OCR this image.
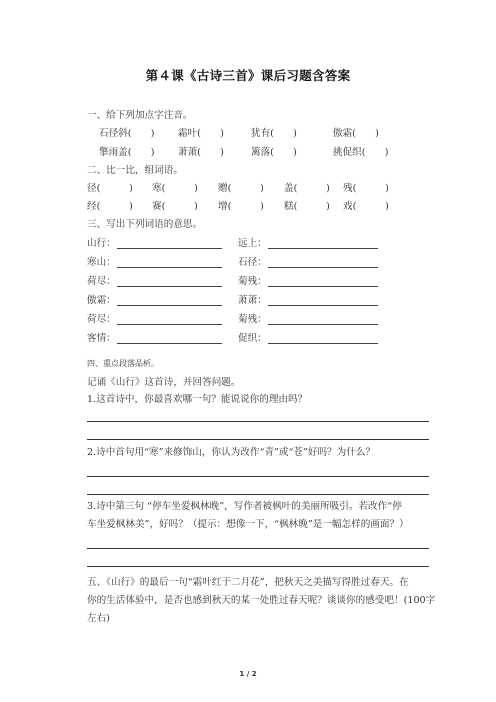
第４课《古诗三首》课后习题含答案
一、给下列加点字注音。
石径斜(　　) 霜叶(　　)	犹有(　　)	傲霜(　　)
擎雨盖(　　) 萧萧(　　)	篱落(　　)	挑促织(　　)
二、比一比，组词语。
径(　　　) 寒(　　　) 赠(　　　) 盖(　　　) 残(　　　)
经(　　　) 赛(　　　) 增(　　　) 糕(　　　) 戏(　　　)
三、写出下列词语的意思。
山行：	远上：
寒山：	石径：
荷尽：	菊残：
傲霜：	萧萧：
荷尽：	菊残：
客情：	促织：
四、重点段落品析。
记诵《山行》这首诗，并回答问题。
1.这首诗中，你最喜欢哪一句？能说说你的理由吗？
2.诗中首句用“寒”来修饰山，你认为改作“青”或“苍”好吗？为什么？
3.诗中第三句 “停车坐爱枫林晚”，写作者被枫叶的美丽所吸引。若改作“停
车坐爱枫林美”，好吗？（提示：想像一下，“枫林晚”是一幅怎样的画面？）
五、《山行》的最后一句“霜叶红于二月花”，把秋天之美描写得胜过春天。在
你的生活体验中，是否也感到秋天的某一处胜过春天呢？谈谈你的感受吧！(100字
左右)
1 / 2
